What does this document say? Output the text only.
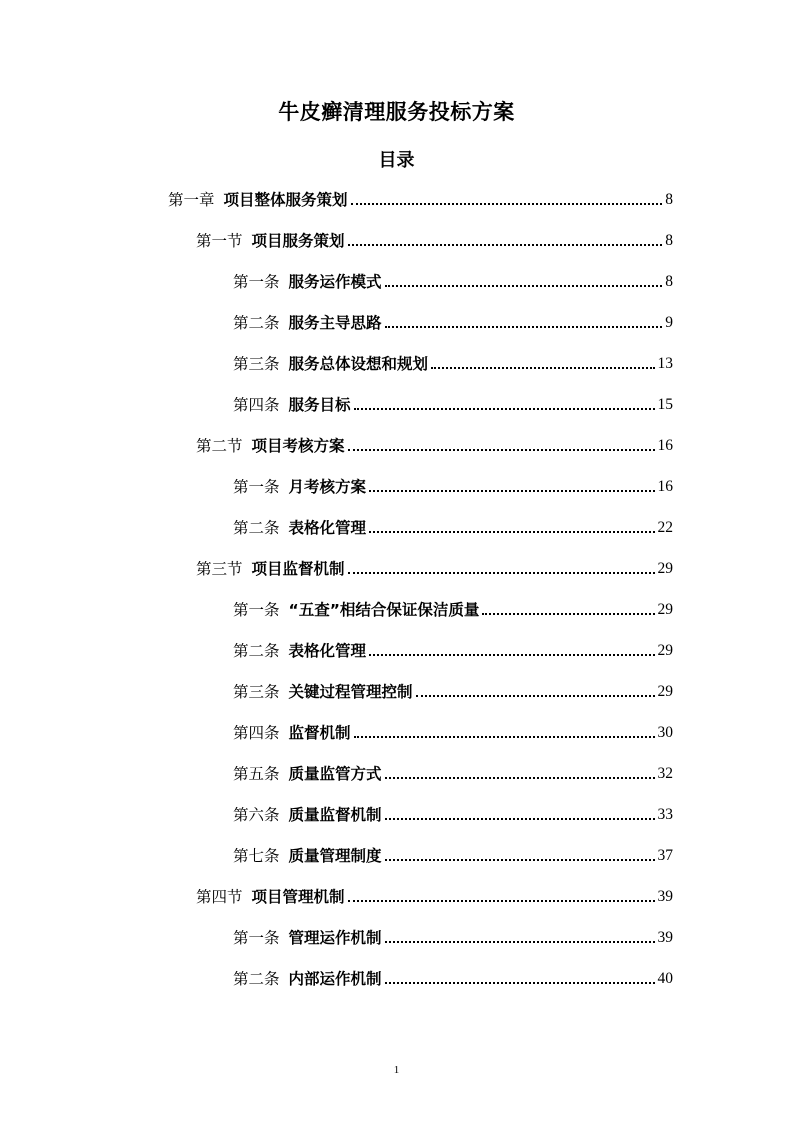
牛皮癣清理服务投标方案
目录
第一章 项目整体服务策划	8
第一节 项目服务策划	8
第一条 服务运作模式	8
第二条 服务主导思路	9
第三条 服务总体设想和规划	13
第四条 服务目标	15
第二节 项目考核方案	16
第一条 月考核方案	16
第二条 表格化管理	22
第三节 项目监督机制	29
第一条 “五查”相结合保证保洁质量	29
第二条 表格化管理	29
第三条 关键过程管理控制	29
第四条 监督机制	30
第五条 质量监管方式	32
第六条 质量监督机制	33
第七条 质量管理制度	37
第四节 项目管理机制	39
第一条 管理运作机制	39
第二条 内部运作机制	40
1
